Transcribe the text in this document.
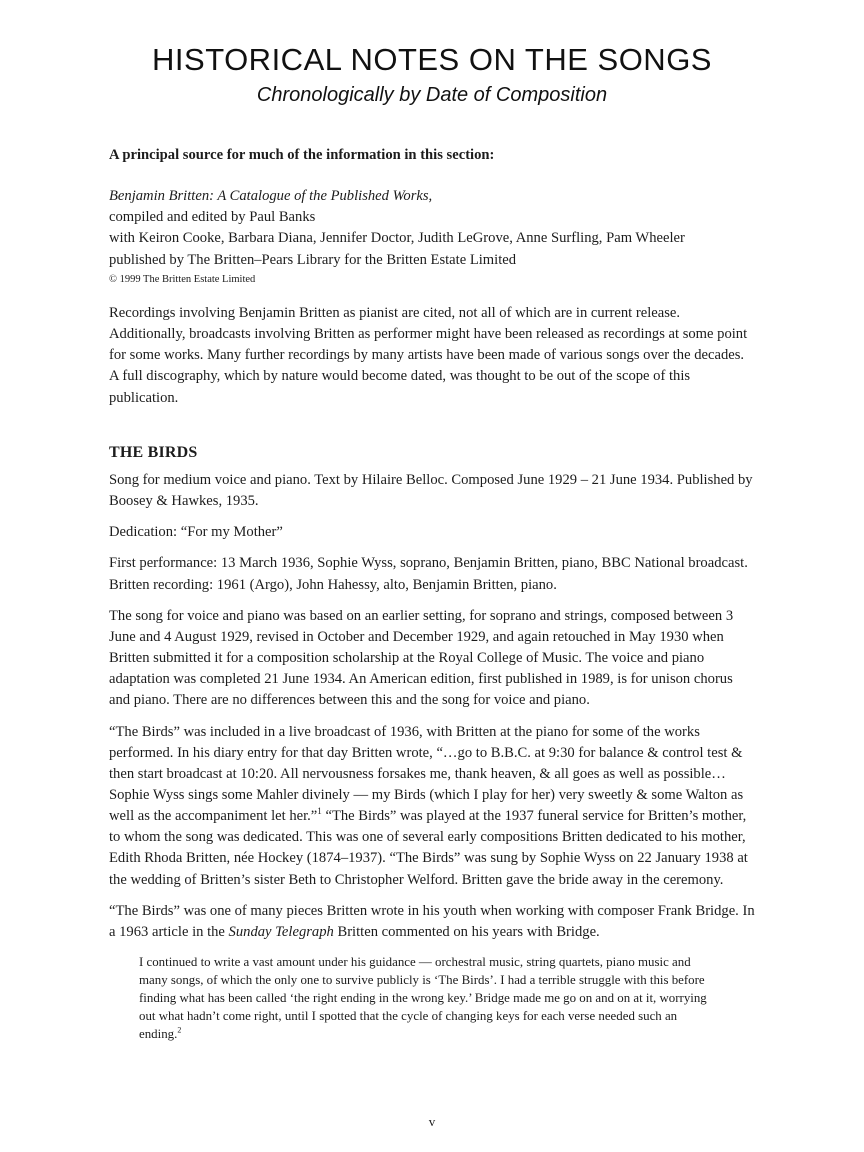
HISTORICAL NOTES ON THE SONGS
Chronologically by Date of Composition

A principal source for much of the information in this section:

Benjamin Britten: A Catalogue of the Published Works,

compiled and edited by Paul Banks

with Keiron Cooke, Barbara Diana, Jennifer Doctor, Judith LeGrove, Anne Surfling, Pam Wheeler

published by The Britten–Pears Library for the Britten Estate Limited

© 1999 The Britten Estate Limited

Recordings involving Benjamin Britten as pianist are cited, not all of which are in current release. Additionally, broadcasts involving Britten as performer might have been released as recordings at some point for some works. Many further recordings by many artists have been made of various songs over the decades. A full discography, which by nature would become dated, was thought to be out of the scope of this publication.

THE BIRDS

Song for medium voice and piano. Text by Hilaire Belloc. Composed June 1929 – 21 June 1934. Published by Boosey & Hawkes, 1935.

Dedication: “For my Mother”

First performance: 13 March 1936, Sophie Wyss, soprano, Benjamin Britten, piano, BBC National broadcast. Britten recording: 1961 (Argo), John Hahessy, alto, Benjamin Britten, piano.

The song for voice and piano was based on an earlier setting, for soprano and strings, composed between 3 June and 4 August 1929, revised in October and December 1929, and again retouched in May 1930 when Britten submitted it for a composition scholarship at the Royal College of Music. The voice and piano adaptation was completed 21 June 1934. An American edition, first published in 1989, is for unison chorus and piano. There are no differences between this and the song for voice and piano.

“The Birds” was included in a live broadcast of 1936, with Britten at the piano for some of the works performed. In his diary entry for that day Britten wrote, “…go to B.B.C. at 9:30 for balance & control test & then start broadcast at 10:20. All nervousness forsakes me, thank heaven, & all goes as well as possible… Sophie Wyss sings some Mahler divinely — my Birds (which I play for her) very sweetly & some Walton as well as the accompaniment let her.”$^1$ “The Birds” was played at the 1937 funeral service for Britten’s mother, to whom the song was dedicated. This was one of several early compositions Britten dedicated to his mother, Edith Rhoda Britten, née Hockey (1874–1937). “The Birds” was sung by Sophie Wyss on 22 January 1938 at the wedding of Britten’s sister Beth to Christopher Welford. Britten gave the bride away in the ceremony.

“The Birds” was one of many pieces Britten wrote in his youth when working with composer Frank Bridge. In a 1963 article in the Sunday Telegraph Britten commented on his years with Bridge.

I continued to write a vast amount under his guidance — orchestral music, string quartets, piano music and many songs, of which the only one to survive publicly is ‘The Birds’. I had a terrible struggle with this before finding what has been called ‘the right ending in the wrong key.’ Bridge made me go on and on at it, worrying out what hadn’t come right, until I spotted that the cycle of changing keys for each verse needed such an ending.$^2$
v
